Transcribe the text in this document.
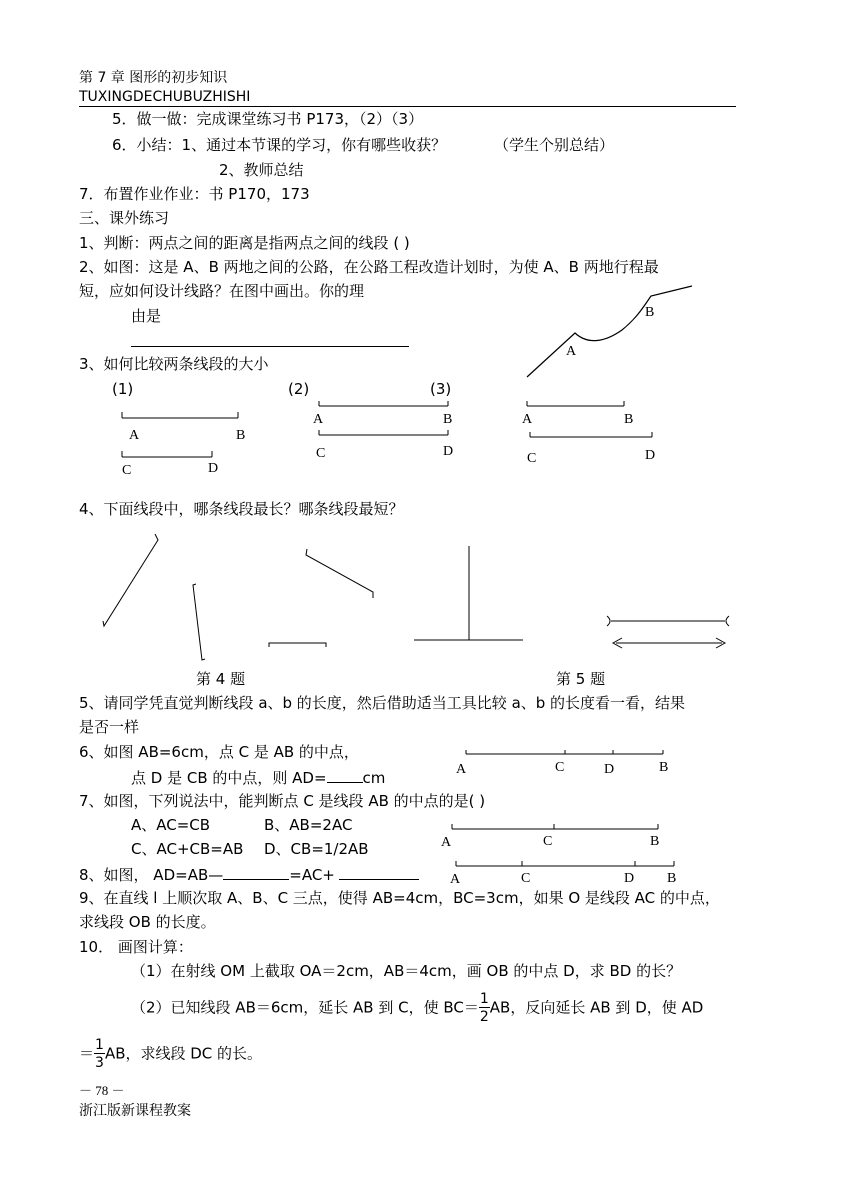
第 7 章 图形的初步知识
TUXINGDECHUBUZHISHI
5．做一做：完成课堂练习书 P173，（2）（3）
6．小结：1、通过本节课的学习，你有哪些收获？	（学生个别总结）
2、教师总结
7．布置作业作业：书 P170，173
三、课外练习
1、判断：两点之间的距离是指两点之间的线段 ( )
2、如图：这是 A、B 两地之间的公路，在公路工程改造计划时，为使 A、B 两地行程最
短，应如何设计线路？在图中画出。你的理
由是
3、如何比较两条线段的大小
(1)	(2)	(3)
4、下面线段中，哪条线段最长？哪条线段最短？
第 4 题	第 5 题
5、请同学凭直觉判断线段 a、b 的长度，然后借助适当工具比较 a、b 的长度看一看，结果
是否一样
6、如图 AB=6cm，点 C 是 AB 的中点，
点 D 是 CB 的中点，则 AD= cm
7、如图，下列说法中，能判断点 C 是线段 AB 的中点的是( )
A、AC=CB	B、AB=2AC
C、AC+CB=AB D、CB=1/2AB
8、如图， AD=AB—	=AC+
9、在直线 l 上顺次取 A、B、C 三点，使得 AB=4cm，BC=3cm，如果 O 是线段 AC 的中点，
求线段 OB 的长度。
10． 画图计算：
（1）在射线 OM 上截取 OA＝2cm，AB＝4cm，画 OB 的中点 D，求 BD 的长？
（2）已知线段 AB＝6cm，延长 AB 到 C，使 $BC= \frac{1}{2}$ AB，反向延长 AB 到 D，使 AD
＝ $\frac{1}{3}$ AB，求线段 DC 的长。
－ 78 －
浙江版新课程教案
A
B
A	B
C	D
A	B
C	D
A	B
C	D
A	C	D	B
A	C	B
A	C	D B
